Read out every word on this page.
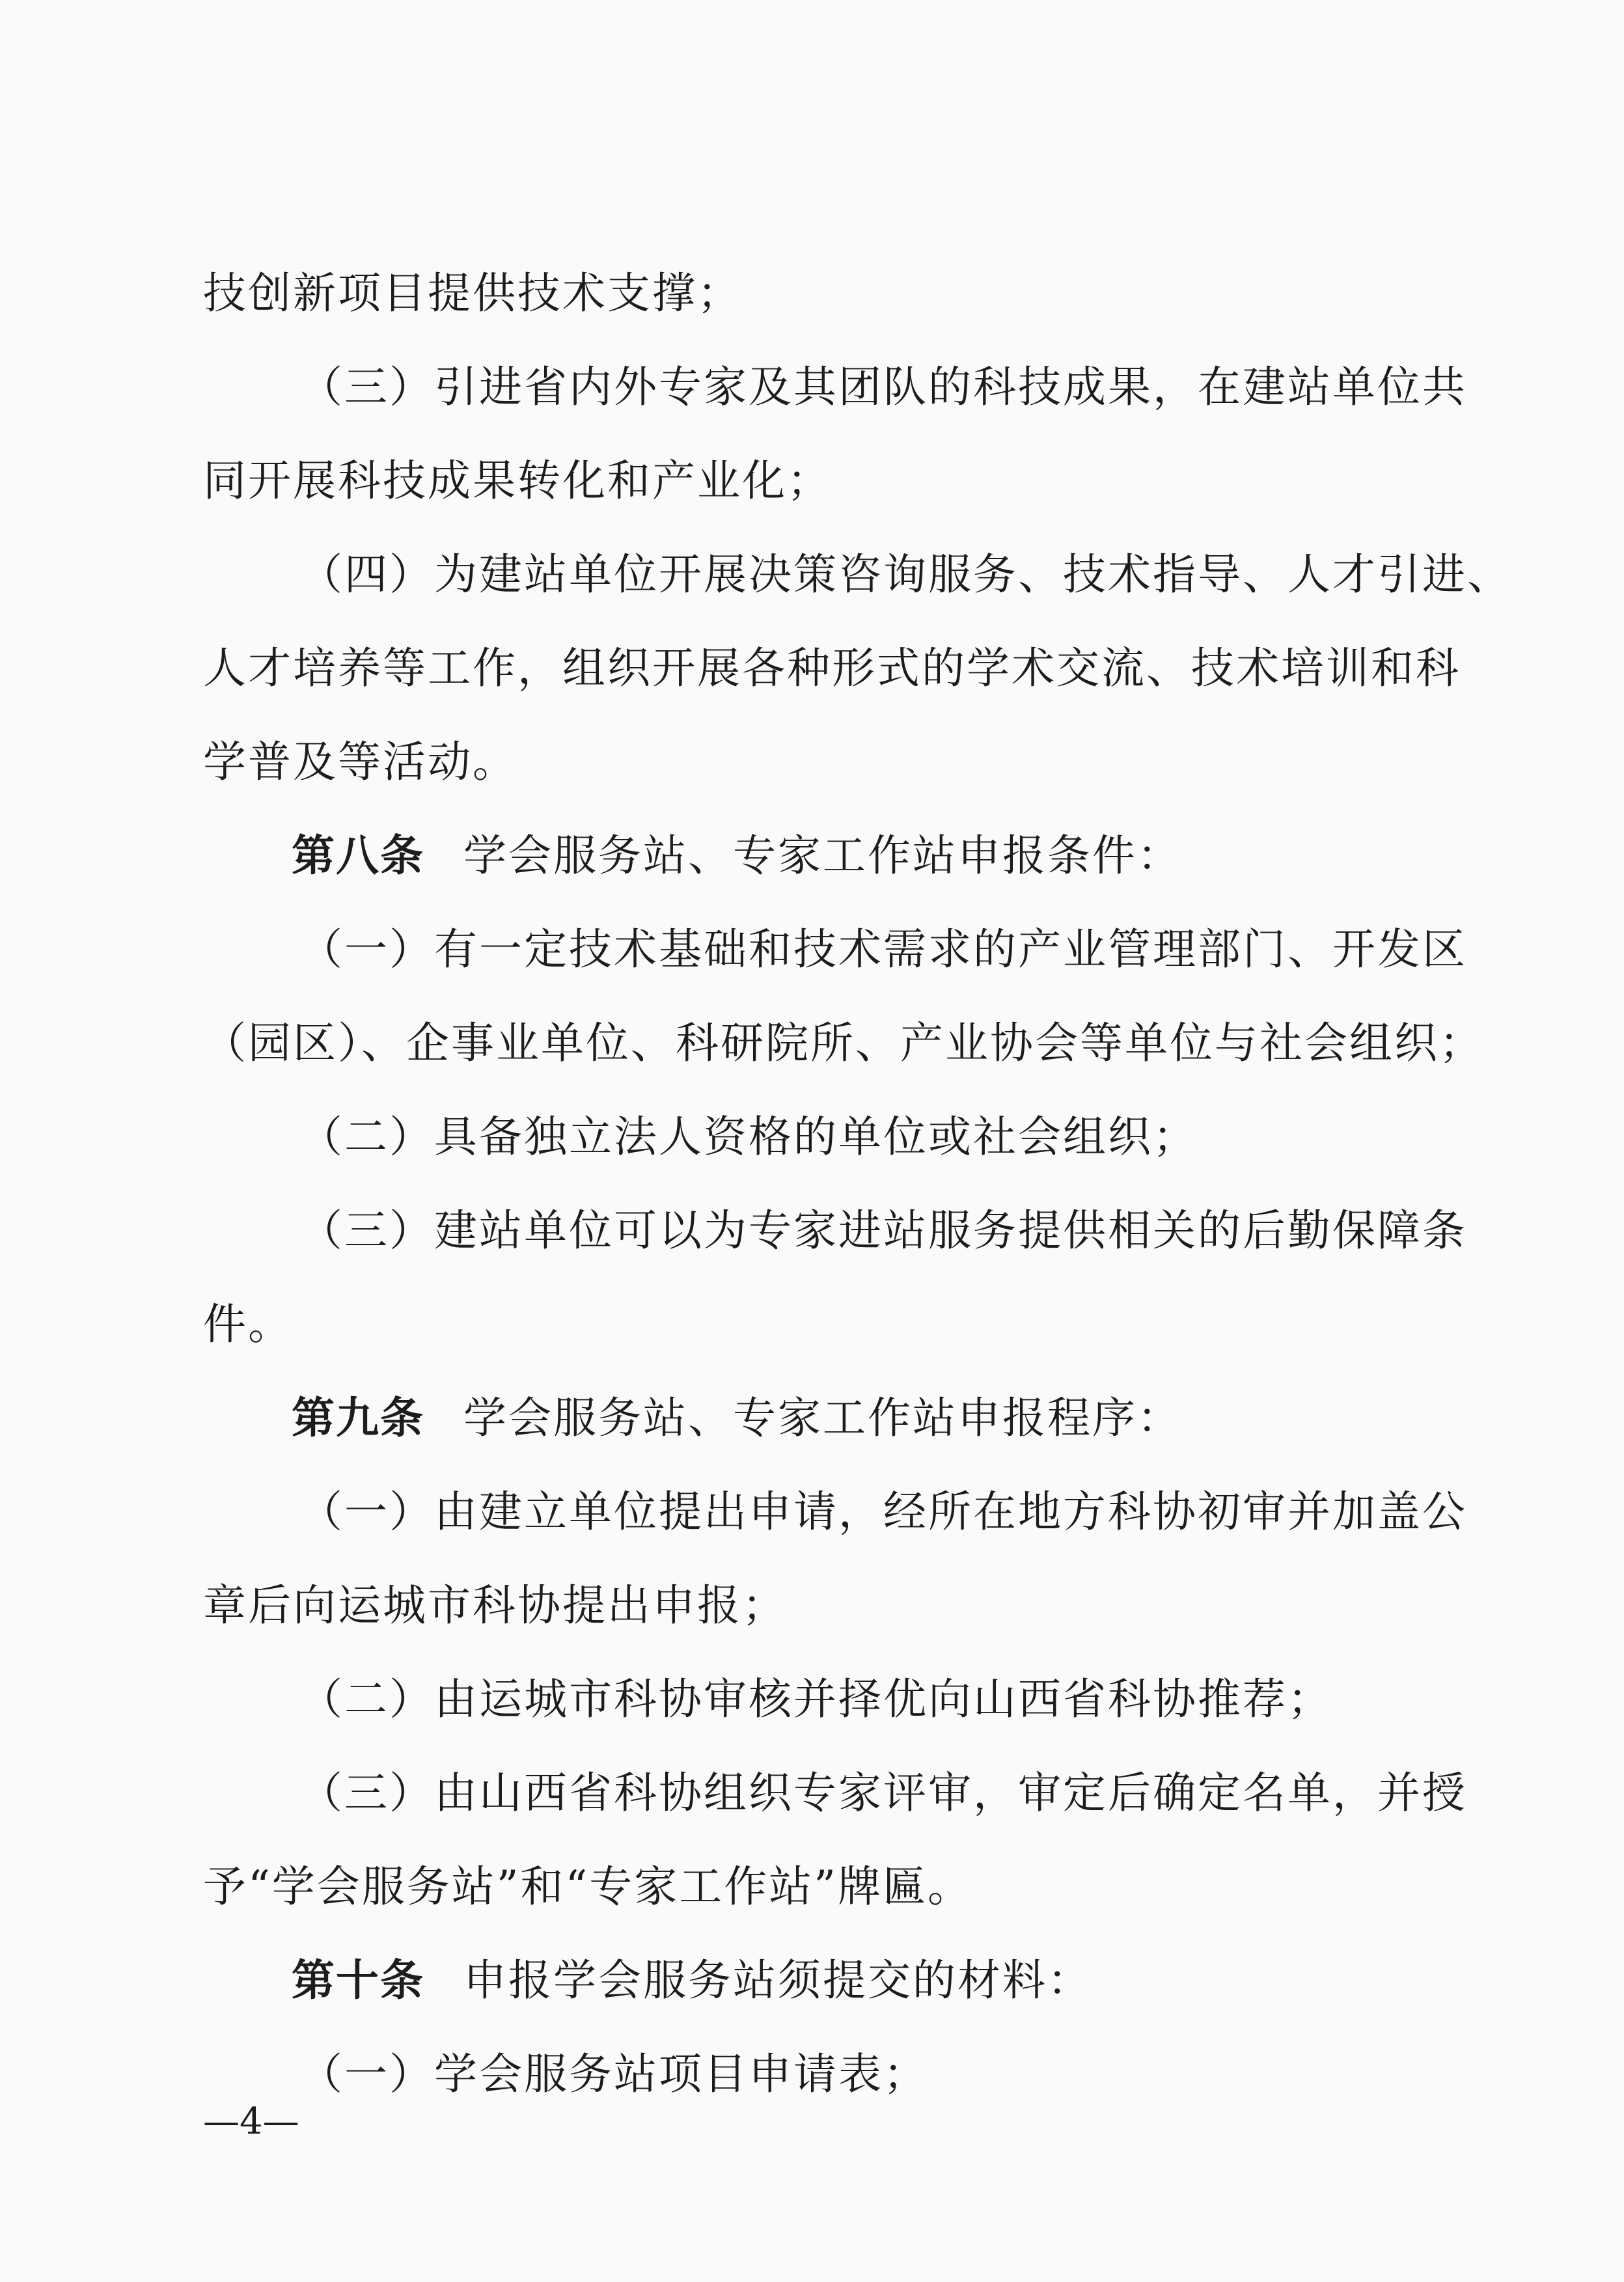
技创新项目提供技术支撑；
（三）引进省内外专家及其团队的科技成果，在建站单位共
同开展科技成果转化和产业化；
（四）为建站单位开展决策咨询服务、技术指导、人才引进、
人才培养等工作，组织开展各种形式的学术交流、技术培训和科
学普及等活动。
第八条 学会服务站、专家工作站申报条件：
（一）有一定技术基础和技术需求的产业管理部门、开发区
（园区）、企事业单位、科研院所、产业协会等单位与社会组织；
（二）具备独立法人资格的单位或社会组织；
（三）建站单位可以为专家进站服务提供相关的后勤保障条
件。
第九条 学会服务站、专家工作站申报程序：
（一）由建立单位提出申请，经所在地方科协初审并加盖公
章后向运城市科协提出申报；
（二）由运城市科协审核并择优向山西省科协推荐；
（三）由山西省科协组织专家评审，审定后确定名单，并授
予“学会服务站”和“专家工作站”牌匾。
第十条 申报学会服务站须提交的材料：
（一）学会服务站项目申请表；
—4—
